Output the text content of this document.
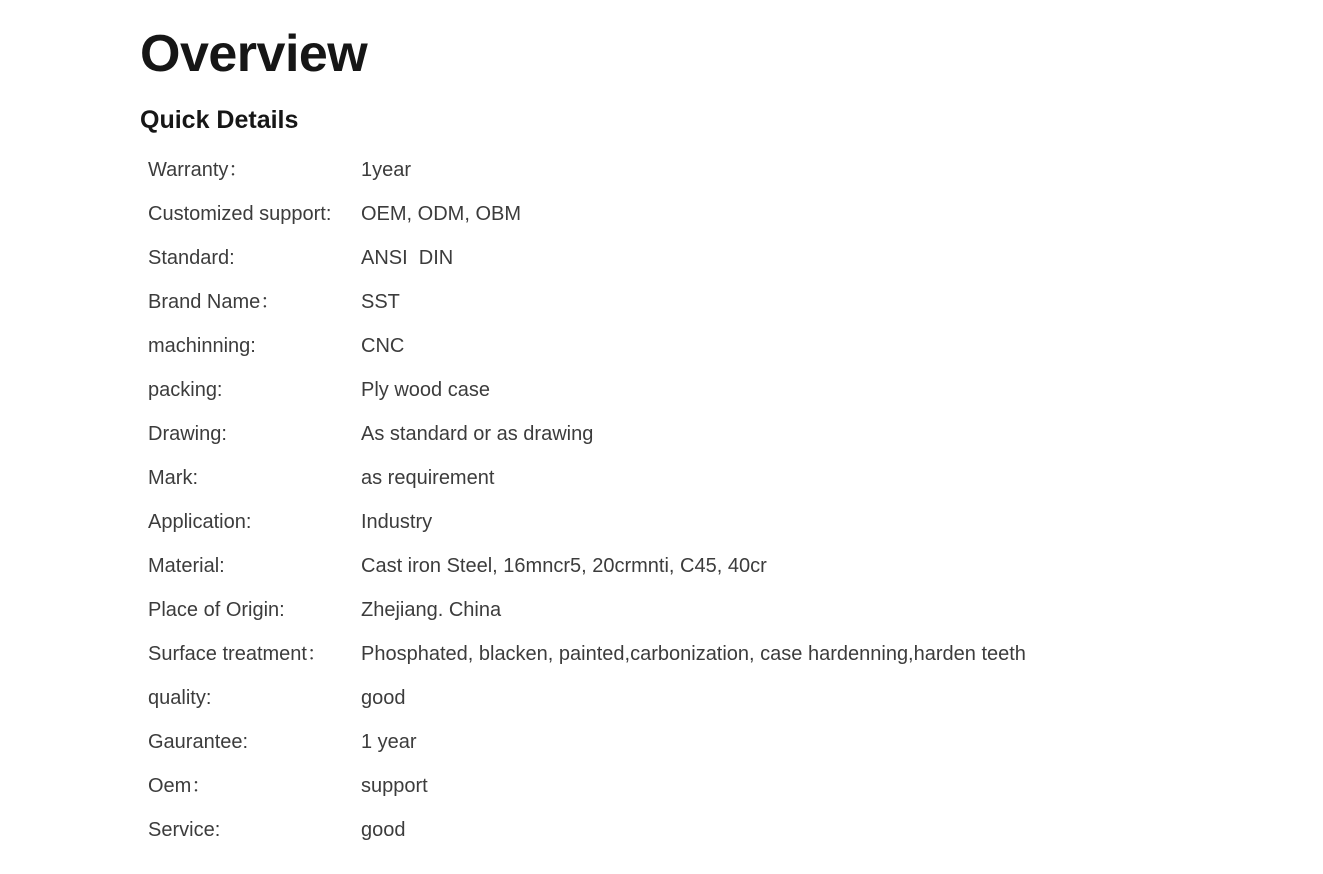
Overview
Quick Details
Warranty：	1year
Customized support: OEM, ODM, OBM
Standard:	ANSI  DIN
Brand Name：	SST
machinning:	CNC
packing:	Ply wood case
Drawing:	As standard or as drawing
Mark:	as requirement
Application:	Industry
Material:	Cast iron Steel, 16mncr5, 20crmnti, C45, 40cr
Place of Origin:	Zhejiang. China
Surface treatment： Phosphated, blacken, painted,carbonization, case hardenning,harden teeth
quality:	good
Gaurantee:	1 year
Oem：	support
Service:	good
